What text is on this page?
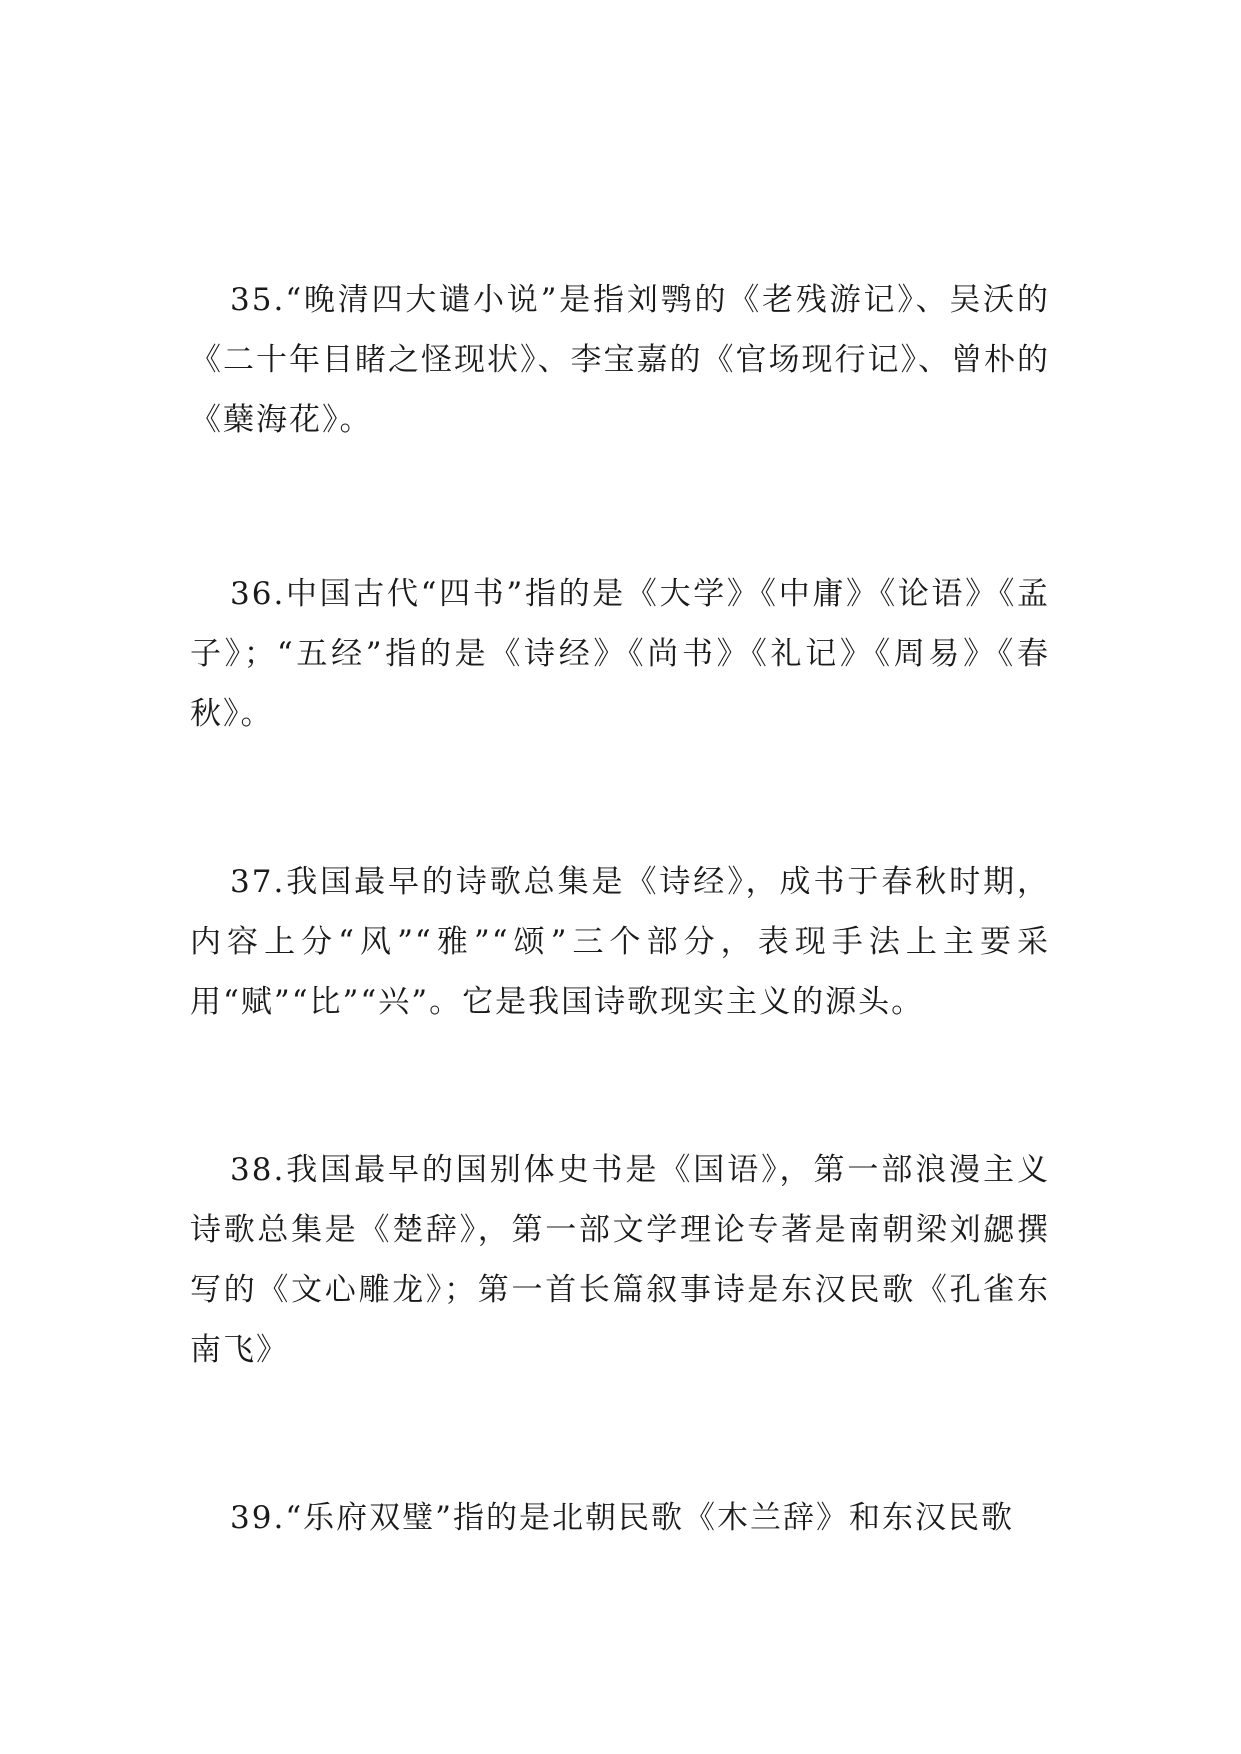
35.“晚清四大谴小说”是指刘鹗的《老残游记》、吴沃的《二十年目睹之怪现状》、李宝嘉的《官场现行记》、曾朴的《蘖海花》。

36.中国古代“四书”指的是《大学》《中庸》《论语》《孟子》；“五经”指的是《诗经》《尚书》《礼记》《周易》《春秋》。

37.我国最早的诗歌总集是《诗经》，成书于春秋时期，内容上分“风”“雅”“颂”三个部分，表现手法上主要采用“赋”“比”“兴”。它是我国诗歌现实主义的源头。

38.我国最早的国别体史书是《国语》，第一部浪漫主义诗歌总集是《楚辞》，第一部文学理论专著是南朝梁刘勰撰写的《文心雕龙》；第一首长篇叙事诗是东汉民歌《孔雀东南飞》

39.“乐府双璧”指的是北朝民歌《木兰辞》和东汉民歌
